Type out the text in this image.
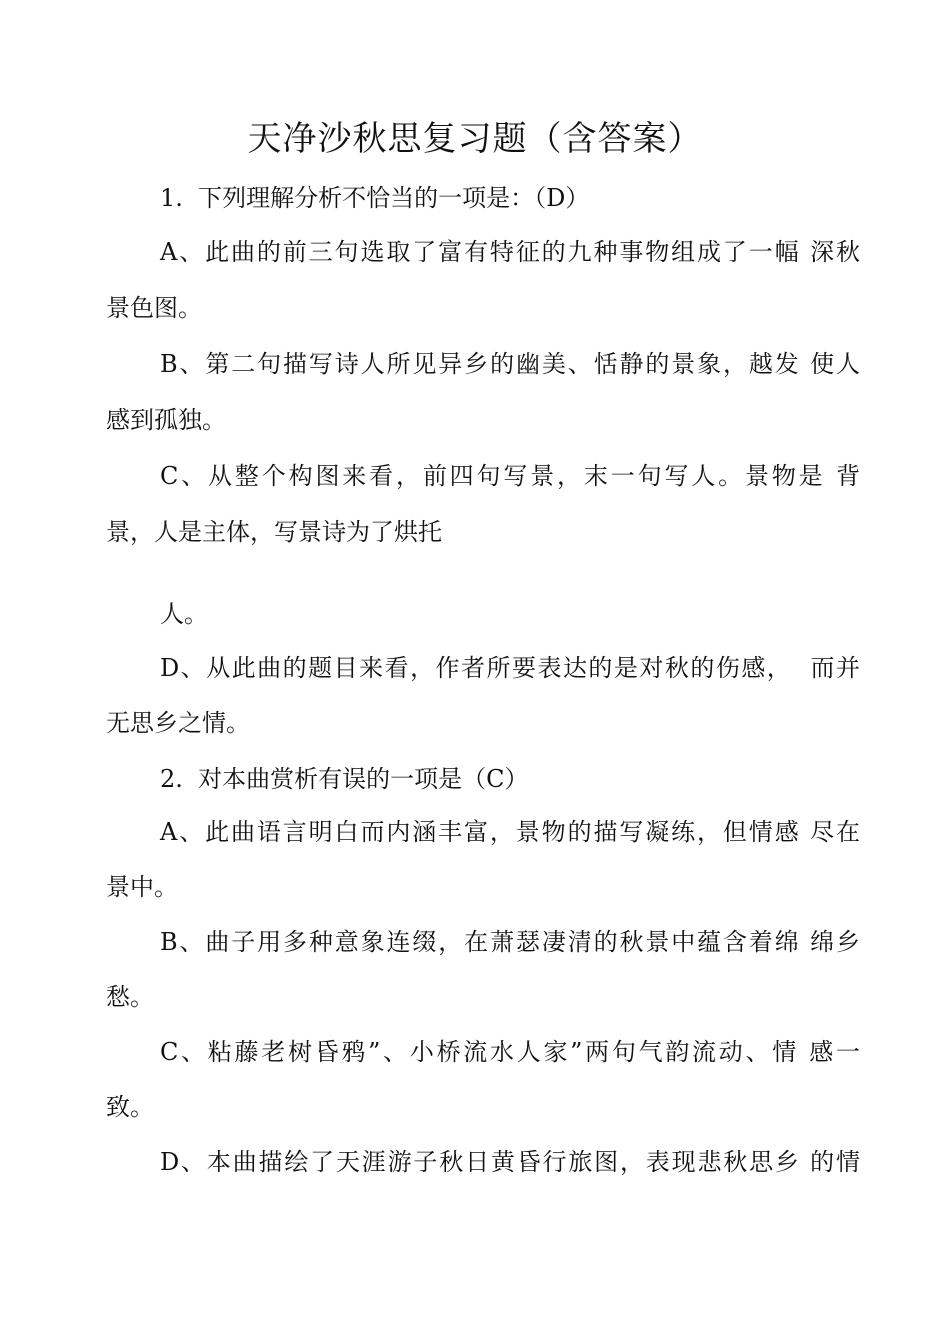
天净沙秋思复习题（含答案）

1.  下列理解分析不恰当的一项是：（D）

A、此曲的前三句选取了富有特征的九种事物组成了一幅 深秋

景色图。

B、第二句描写诗人所见异乡的幽美、恬静的景象，越发 使人

感到孤独。

C、从整个构图来看，前四句写景，末一句写人。景物是 背

景，人是主体，写景诗为了烘托

人。

D、从此曲的题目来看，作者所要表达的是对秋的伤感，  而并

无思乡之情。

2.  对本曲赏析有误的一项是（C）

A、此曲语言明白而内涵丰富，景物的描写凝练，但情感 尽在

景中。

B、曲子用多种意象连缀，在萧瑟凄清的秋景中蕴含着绵 绵乡

愁。

C、粘藤老树昏鸦”、小桥流水人家”两句气韵流动、情 感一

致。

D、本曲描绘了天涯游子秋日黄昏行旅图，表现悲秋思乡 的情
